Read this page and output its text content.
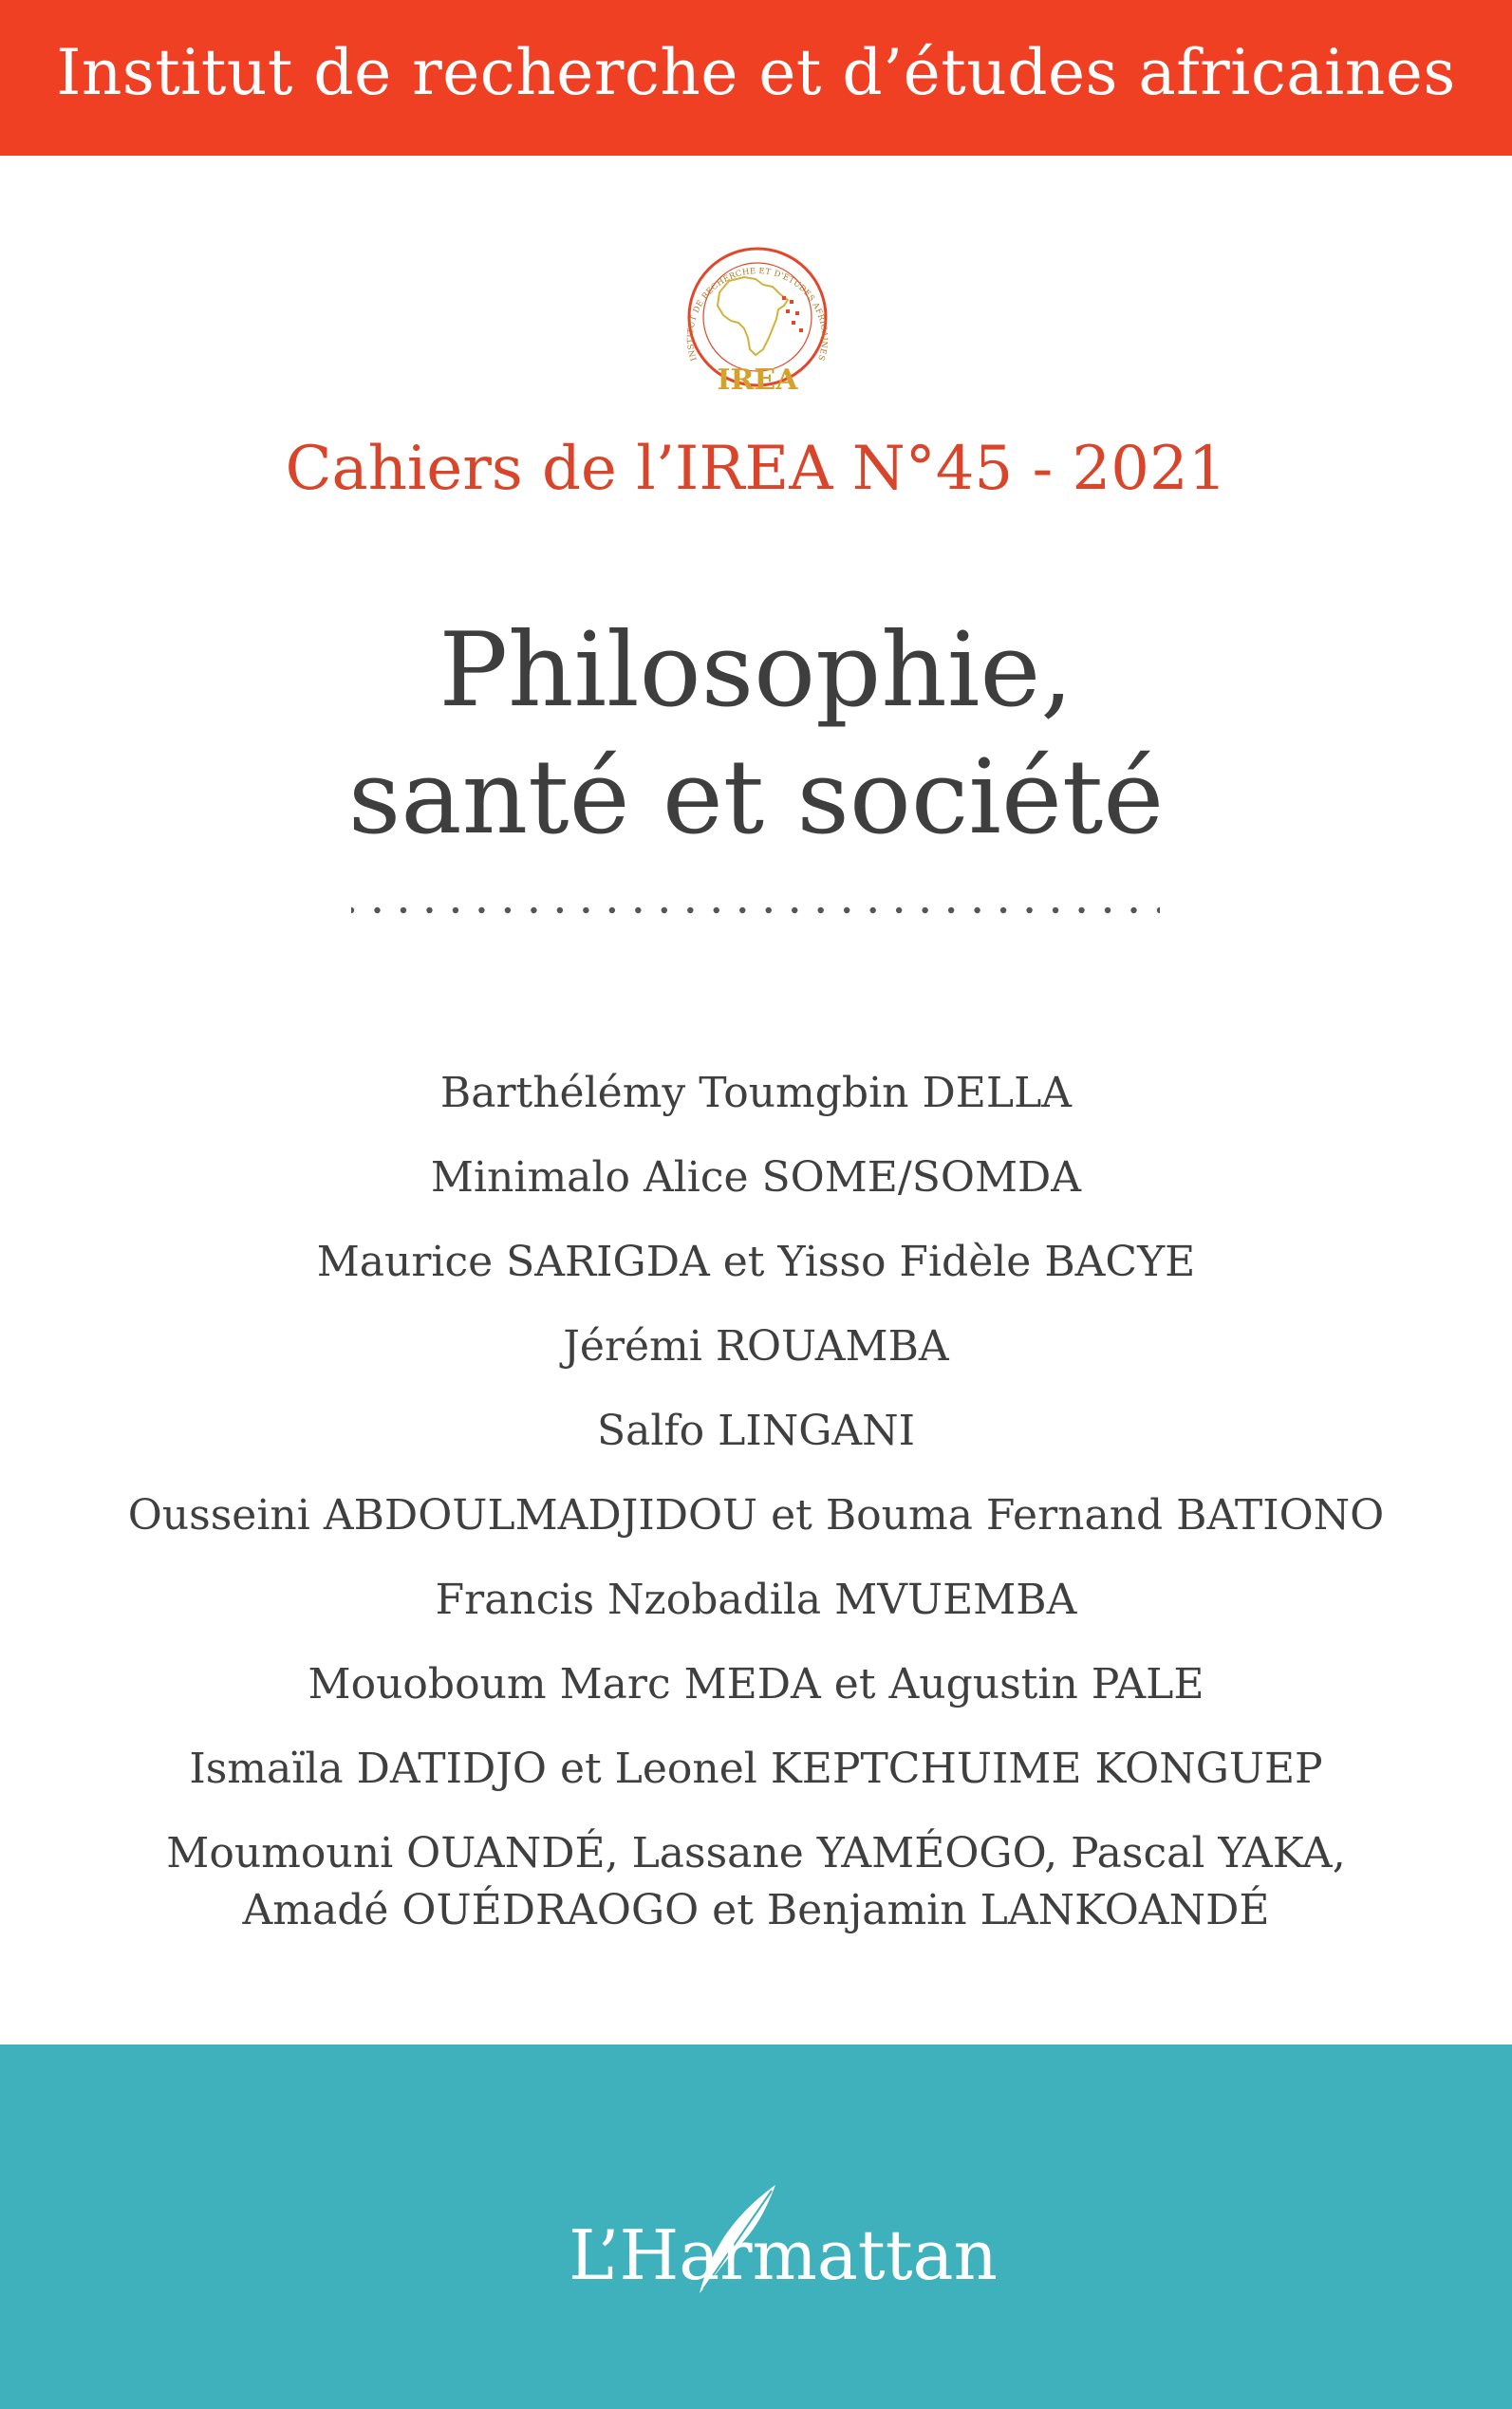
Institut de recherche et d’études africaines
INSTITUT DE RECHERCHE ET D'ÉTUDES AFRICAINES
IREA
Cahiers de l’IREA N°45 - 2021
Philosophie,
santé et société
Barthélémy Toumgbin DELLA
Minimalo Alice SOME/SOMDA
Maurice SARIGDA et Yisso Fidèle BACYE
Jérémi ROUAMBA
Salfo LINGANI
Ousseini ABDOULMADJIDOU et Bouma Fernand BATIONO
Francis Nzobadila MVUEMBA
Mouoboum Marc MEDA et Augustin PALE
Ismaïla DATIDJO et Leonel KEPTCHUIME KONGUEP
Moumouni OUANDÉ, Lassane YAMÉOGO, Pascal YAKA,
Amadé OUÉDRAOGO et Benjamin LANKOANDÉ
L’Harmattan
